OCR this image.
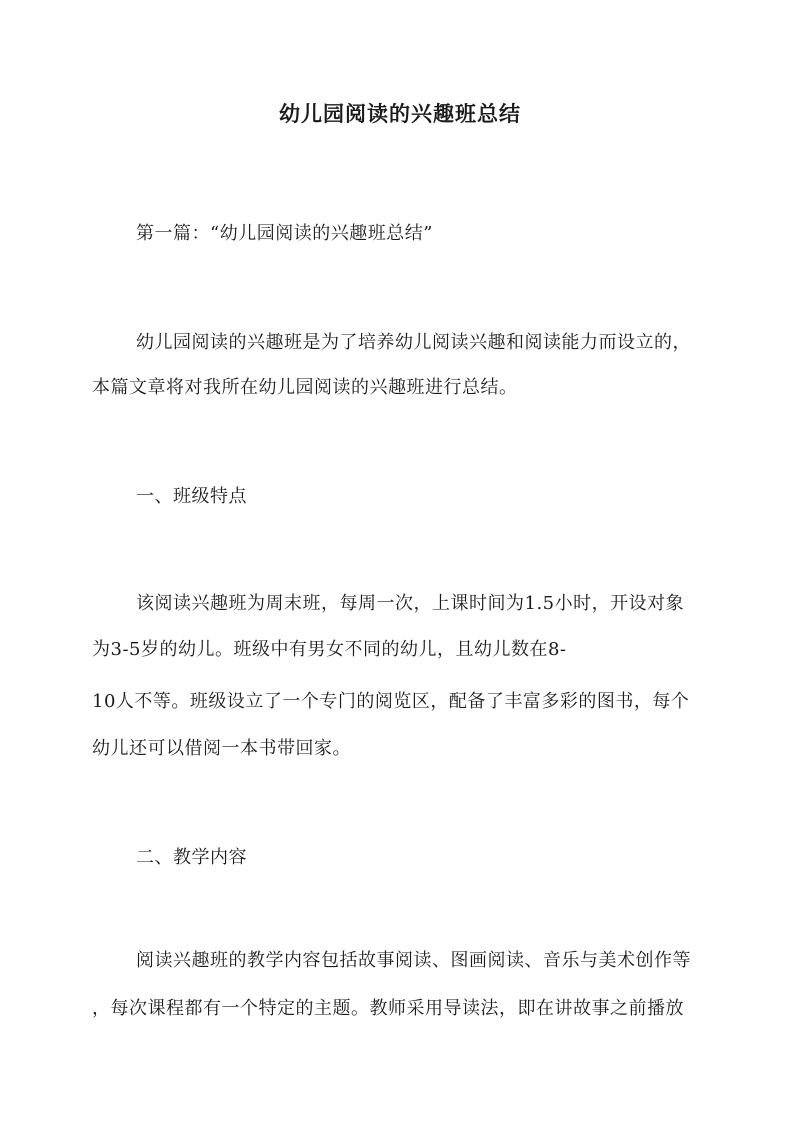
幼儿园阅读的兴趣班总结
第一篇：“幼儿园阅读的兴趣班总结”
幼儿园阅读的兴趣班是为了培养幼儿阅读兴趣和阅读能力而设立的，
本篇文章将对我所在幼儿园阅读的兴趣班进行总结。
一、班级特点
该阅读兴趣班为周末班，每周一次，上课时间为1.5小时，开设对象
为3-5岁的幼儿。班级中有男女不同的幼儿，且幼儿数在8-
10人不等。班级设立了一个专门的阅览区，配备了丰富多彩的图书，每个
幼儿还可以借阅一本书带回家。
二、教学内容
阅读兴趣班的教学内容包括故事阅读、图画阅读、音乐与美术创作等
，每次课程都有一个特定的主题。教师采用导读法，即在讲故事之前播放
